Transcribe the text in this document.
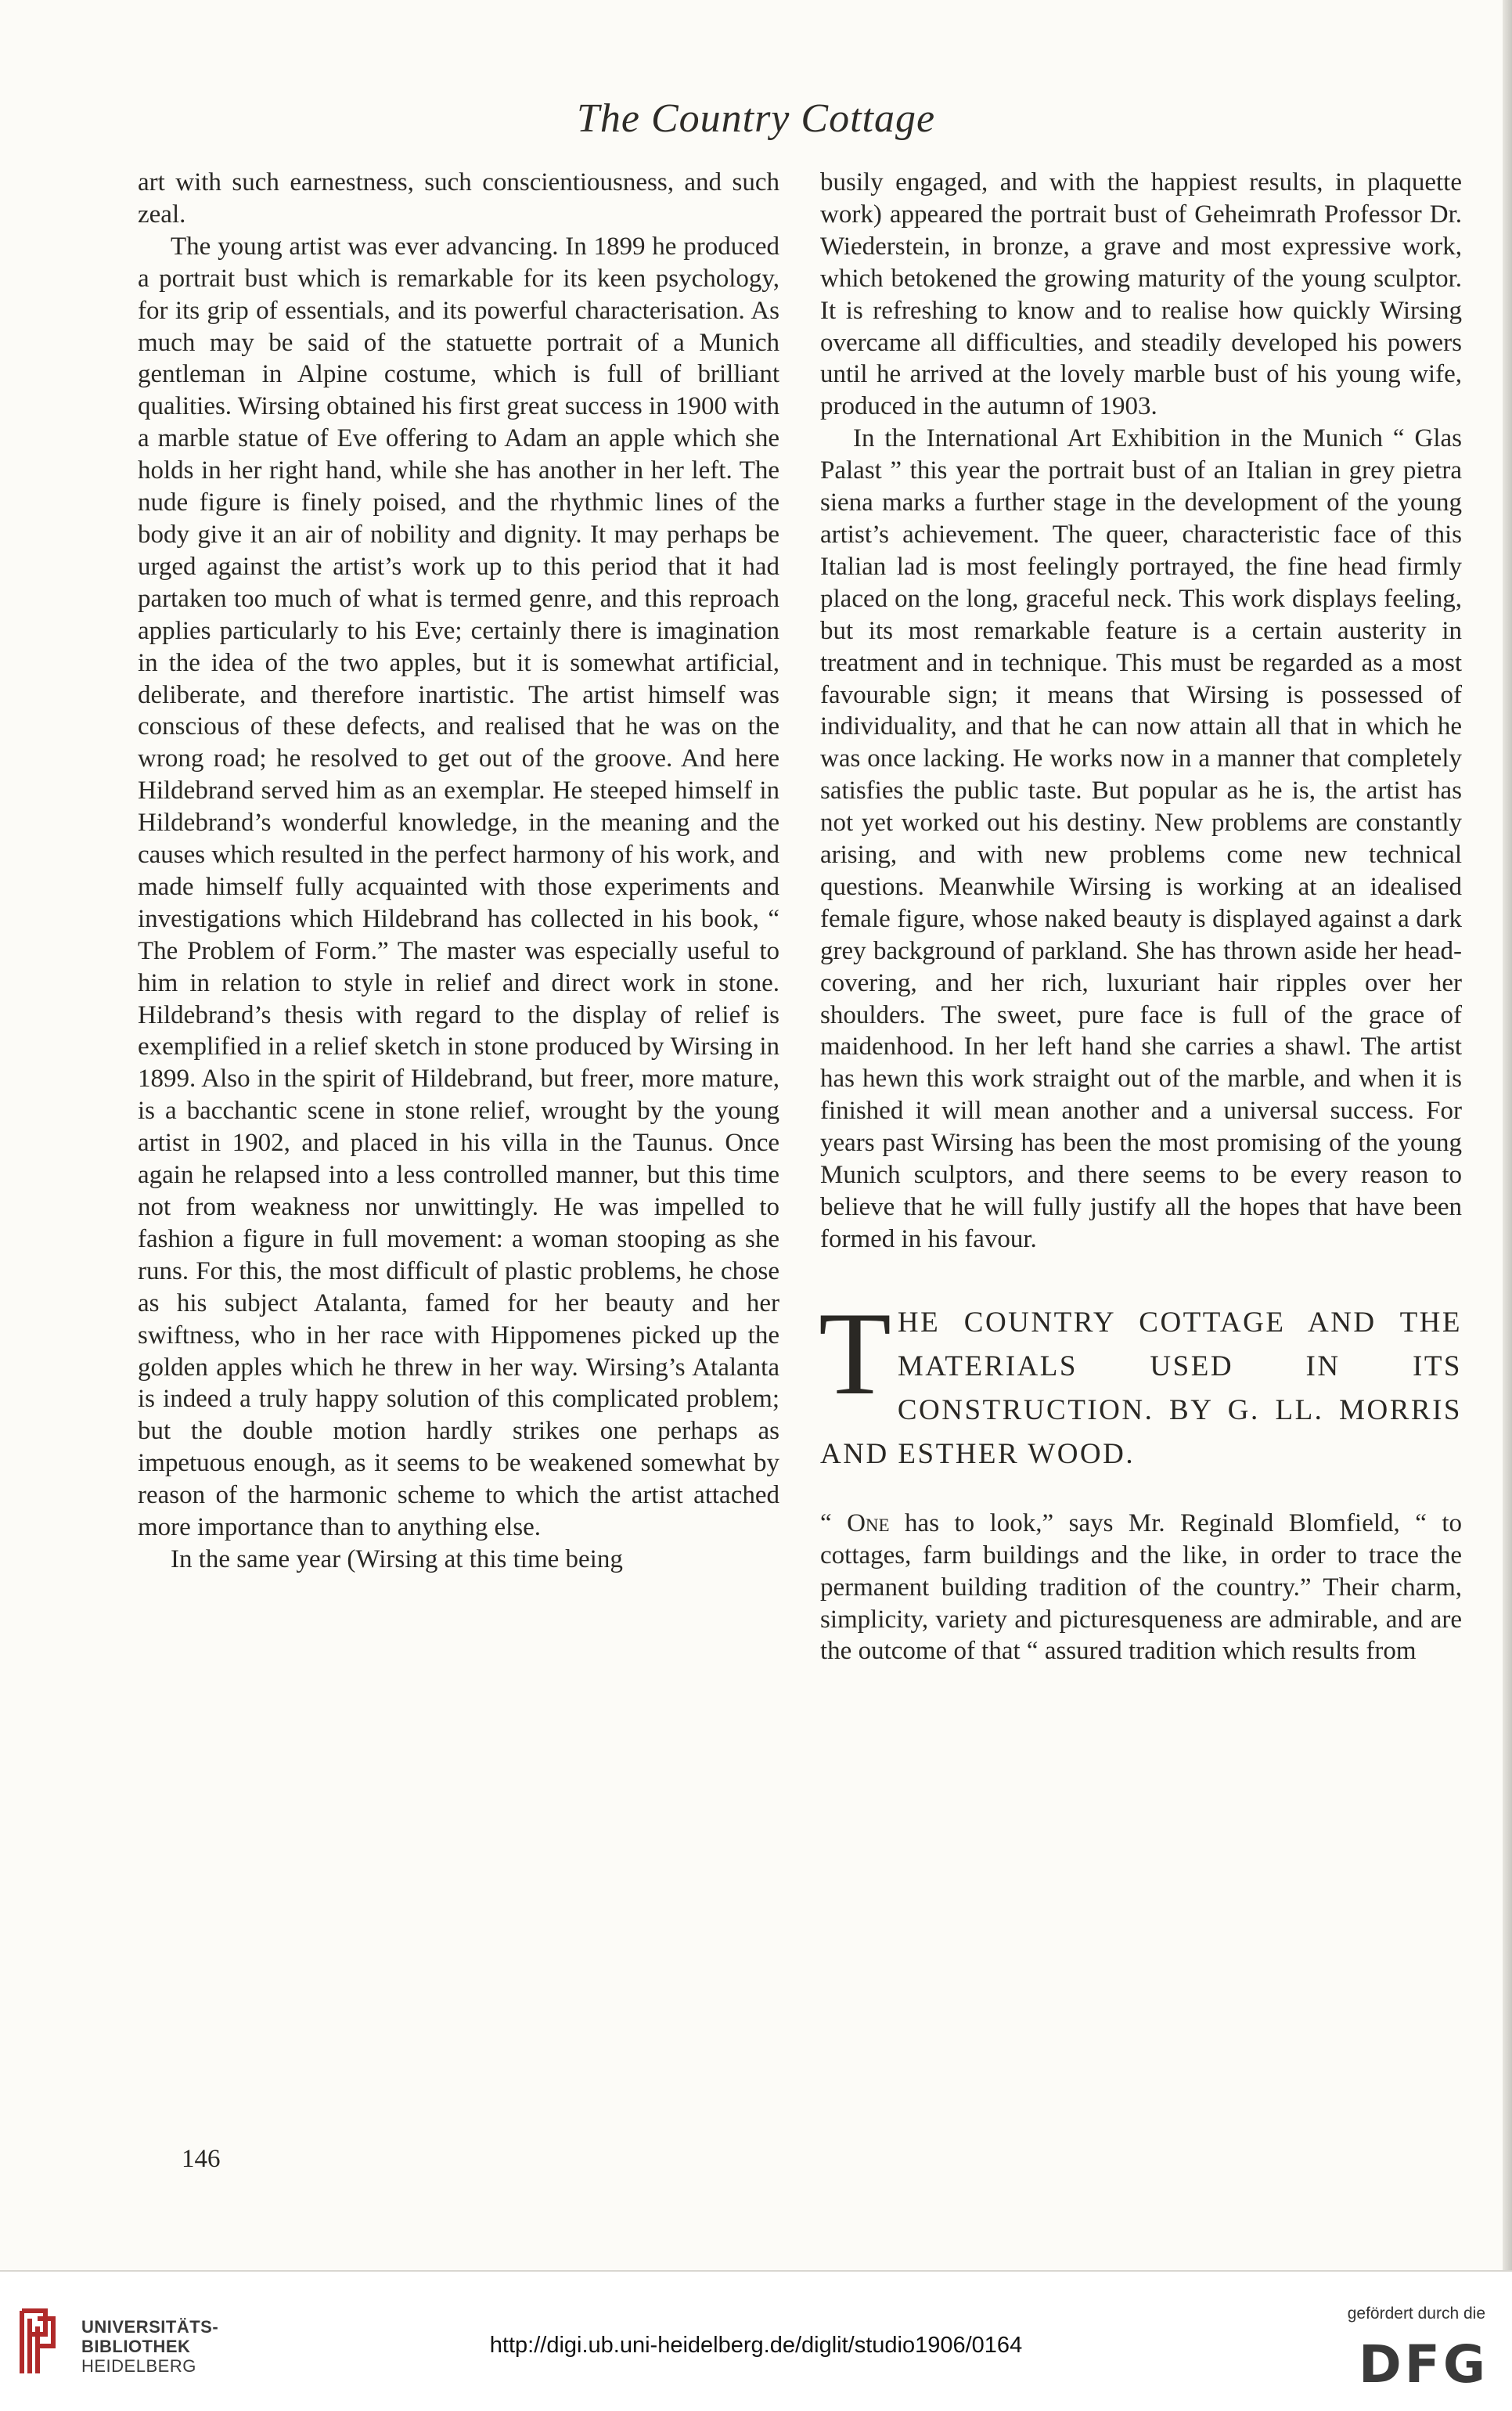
The Country Cottage

art with such earnestness, such conscientiousness, and such zeal.

The young artist was ever advancing. In 1899 he produced a portrait bust which is remarkable for its keen psychology, for its grip of essentials, and its powerful characterisation. As much may be said of the statuette portrait of a Munich gentleman in Alpine costume, which is full of brilliant qualities. Wirsing obtained his first great success in 1900 with a marble statue of Eve offering to Adam an apple which she holds in her right hand, while she has another in her left. The nude figure is finely poised, and the rhythmic lines of the body give it an air of nobility and dignity. It may perhaps be urged against the artist’s work up to this period that it had partaken too much of what is termed genre, and this reproach applies particularly to his Eve; certainly there is imagination in the idea of the two apples, but it is somewhat artificial, deliberate, and therefore inartistic. The artist himself was conscious of these defects, and realised that he was on the wrong road; he resolved to get out of the groove. And here Hildebrand served him as an exemplar. He steeped himself in Hildebrand’s wonderful knowledge, in the meaning and the causes which resulted in the perfect harmony of his work, and made himself fully acquainted with those experiments and investigations which Hildebrand has collected in his book, “ The Problem of Form.” The master was especially useful to him in relation to style in relief and direct work in stone. Hildebrand’s thesis with regard to the display of relief is exemplified in a relief sketch in stone produced by Wirsing in 1899. Also in the spirit of Hildebrand, but freer, more mature, is a bacchantic scene in stone relief, wrought by the young artist in 1902, and placed in his villa in the Taunus. Once again he relapsed into a less controlled manner, but this time not from weakness nor unwittingly. He was impelled to fashion a figure in full movement: a woman stooping as she runs. For this, the most difficult of plastic problems, he chose as his subject Atalanta, famed for her beauty and her swiftness, who in her race with Hippomenes picked up the golden apples which he threw in her way. Wirsing’s Atalanta is indeed a truly happy solution of this complicated problem; but the double motion hardly strikes one perhaps as impetuous enough, as it seems to be weakened somewhat by reason of the harmonic scheme to which the artist attached more importance than to anything else.

In the same year (Wirsing at this time being

busily engaged, and with the happiest results, in plaquette work) appeared the portrait bust of Geheimrath Professor Dr. Wiederstein, in bronze, a grave and most expressive work, which betokened the growing maturity of the young sculptor. It is refreshing to know and to realise how quickly Wirsing overcame all difficulties, and steadily developed his powers until he arrived at the lovely marble bust of his young wife, produced in the autumn of 1903.

In the International Art Exhibition in the Munich “ Glas Palast ” this year the portrait bust of an Italian in grey pietra siena marks a further stage in the development of the young artist’s achievement. The queer, characteristic face of this Italian lad is most feelingly portrayed, the fine head firmly placed on the long, graceful neck. This work displays feeling, but its most remarkable feature is a certain austerity in treatment and in technique. This must be regarded as a most favourable sign; it means that Wirsing is possessed of individuality, and that he can now attain all that in which he was once lacking. He works now in a manner that completely satisfies the public taste. But popular as he is, the artist has not yet worked out his destiny. New problems are constantly arising, and with new problems come new technical questions. Meanwhile Wirsing is working at an idealised female figure, whose naked beauty is displayed against a dark grey background of parkland. She has thrown aside her head-covering, and her rich, luxuriant hair ripples over her shoulders. The sweet, pure face is full of the grace of maidenhood. In her left hand she carries a shawl. The artist has hewn this work straight out of the marble, and when it is finished it will mean another and a universal success. For years past Wirsing has been the most promising of the young Munich sculptors, and there seems to be every reason to believe that he will fully justify all the hopes that have been formed in his favour.

T HE COUNTRY COTTAGE AND THE MATERIALS USED IN ITS CONSTRUCTION. BY G. LL. MORRIS AND ESTHER WOOD.

“ One has to look,” says Mr. Reginald Blomfield, “ to cottages, farm buildings and the like, in order to trace the permanent building tradition of the country.” Their charm, simplicity, variety and picturesqueness are admirable, and are the outcome of that “ assured tradition which results from

146
UNIVERSITÄTS-
BIBLIOTHEK
HEIDELBERG
http://digi.ub.uni-heidelberg.de/diglit/studio1906/0164
gefördert durch die
DFG
